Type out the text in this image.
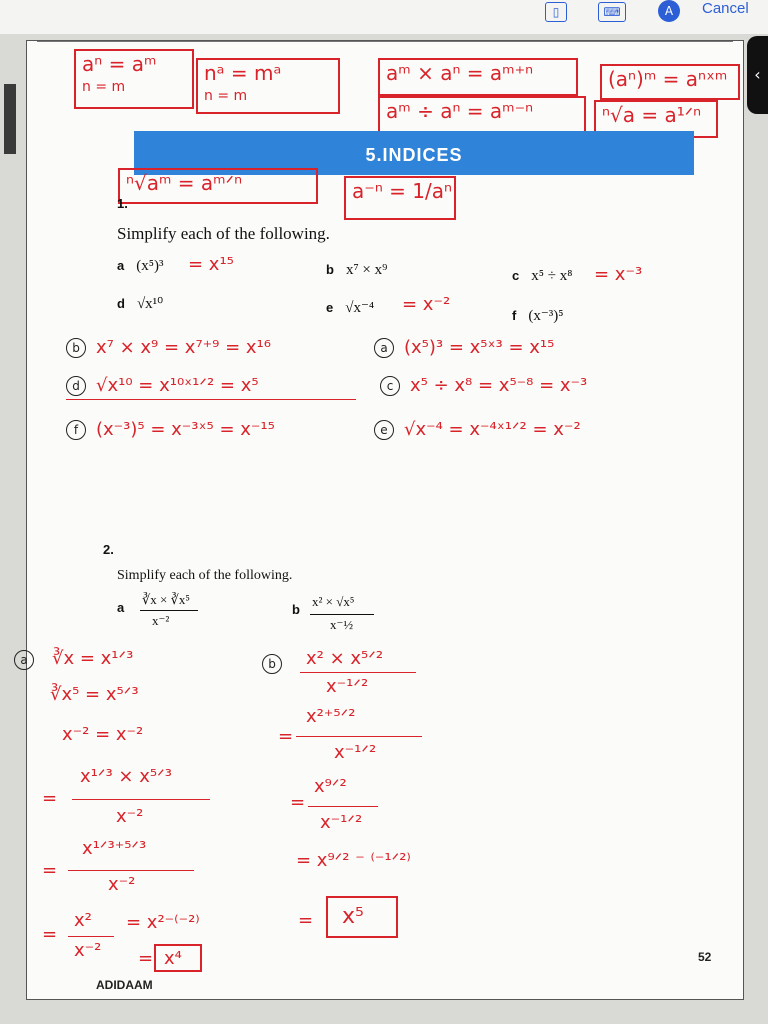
▯	⌨	A	Cancel
‹
aⁿ = aᵐ
n = m
nᵃ = mᵃ
n = m
aᵐ × aⁿ = aᵐ⁺ⁿ	(aⁿ)ᵐ = aⁿˣᵐ
aᵐ ÷ aⁿ = aᵐ⁻ⁿ	ⁿ√a = a¹ᐟⁿ
5.INDICES
ⁿ√aᵐ = aᵐᐟⁿ	a⁻ⁿ = 1/aⁿ
1.
Simplify each of the following.
a (x⁵)³ = x¹⁵	b x⁷ × x⁹	c x⁵ ÷ x⁸ = x⁻³
d √x¹⁰	e √x⁻⁴ = x⁻²
f (x⁻³)⁵
b x⁷ × x⁹ = x⁷⁺⁹ = x¹⁶	a (x⁵)³ = x⁵ˣ³ = x¹⁵
d √x¹⁰ = x¹⁰ˣ¹ᐟ² = x⁵	c x⁵ ÷ x⁸ = x⁵⁻⁸ = x⁻³
f (x⁻³)⁵ = x⁻³ˣ⁵ = x⁻¹⁵	e √x⁻⁴ = x⁻⁴ˣ¹ᐟ² = x⁻²
2.
Simplify each of the following.
a
∛x × ∛x⁵
x⁻²
b
x² × √x⁵
x⁻½
a	∛x = x¹ᐟ³
∛x⁵ = x⁵ᐟ³
x⁻² = x⁻²
=
x¹ᐟ³ × x⁵ᐟ³
x⁻²
=
x¹ᐟ³⁺⁵ᐟ³
x⁻²
=
x²
x⁻²
= x²⁻⁽⁻²⁾
= x⁴
b	x² × x⁵ᐟ²
x⁻¹ᐟ²
=
x²⁺⁵ᐟ²
x⁻¹ᐟ²
=
x⁹ᐟ²
x⁻¹ᐟ²
= x⁹ᐟ² ⁻ ⁽⁻¹ᐟ²⁾
= x⁵
52
ADIDAAM
